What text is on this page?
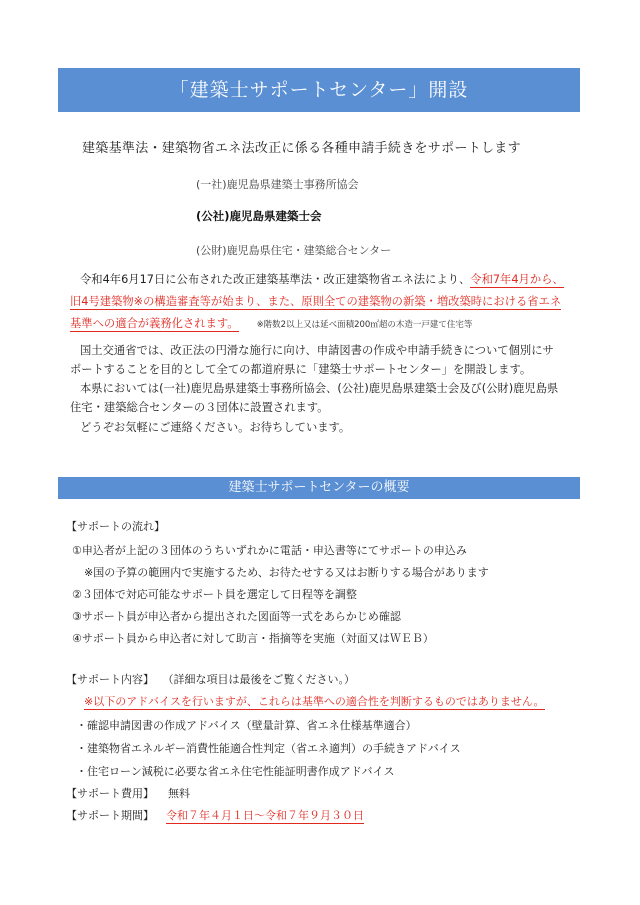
「建築士サポートセンター」開設
建築基準法・建築物省エネ法改正に係る各種申請手続きをサポートします
(一社)鹿児島県建築士事務所協会
(公社)鹿児島県建築士会
(公財)鹿児島県住宅・建築総合センター
令和4年6月17日に公布された改正建築基準法・改正建築物省エネ法により、令和7年4月から、
旧4号建築物※の構造審査等が始まり、また、原則全ての建築物の新築・増改築時における省エネ
基準への適合が義務化されます。 ※階数2以上又は延べ面積200㎡超の木造一戸建て住宅等
国土交通省では、改正法の円滑な施行に向け、申請図書の作成や申請手続きについて個別にサ
ポートすることを目的として全ての都道府県に「建築士サポートセンター」を開設します。
本県においては(一社)鹿児島県建築士事務所協会、(公社)鹿児島県建築士会及び(公財)鹿児島県
住宅・建築総合センターの３団体に設置されます。
どうぞお気軽にご連絡ください。お待ちしています。
建築士サポートセンターの概要
【サポートの流れ】
①申込者が上記の３団体のうちいずれかに電話・申込書等にてサポートの申込み
※国の予算の範囲内で実施するため、お待たせする又はお断りする場合があります
②３団体で対応可能なサポート員を選定して日程等を調整
③サポート員が申込者から提出された図面等一式をあらかじめ確認
④サポート員から申込者に対して助言・指摘等を実施（対面又はＷＥＢ）
【サポート内容】 （詳細な項目は最後をご覧ください。）
※以下のアドバイスを行いますが、これらは基準への適合性を判断するものではありません。
・確認申請図書の作成アドバイス（壁量計算、省エネ仕様基準適合）
・建築物省エネルギー消費性能適合性判定（省エネ適判）の手続きアドバイス
・住宅ローン減税に必要な省エネ住宅性能証明書作成アドバイス
【サポート費用】 無料
【サポート期間】 令和７年４月１日～令和７年９月３０日
